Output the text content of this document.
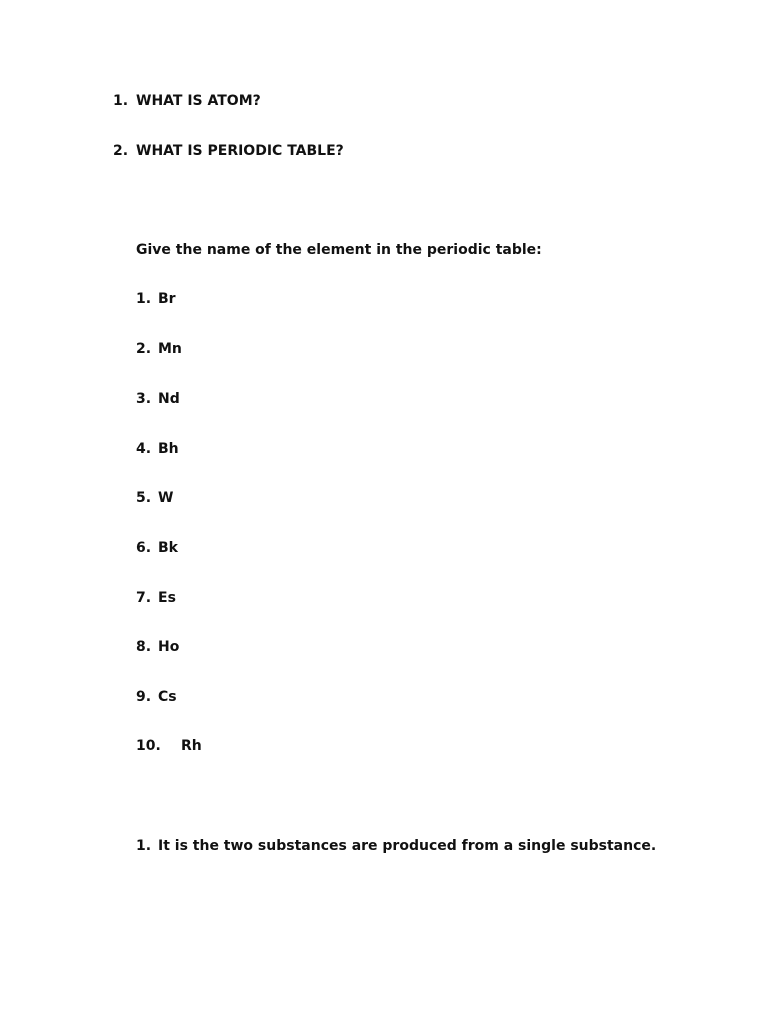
1. WHAT IS ATOM?
2. WHAT IS PERIODIC TABLE?
Give the name of the element in the periodic table:
1. Br
2. Mn
3. Nd
4. Bh
5. W
6. Bk
7. Es
8. Ho
9. Cs
10. Rh
1. It is the two substances are produced from a single substance.
